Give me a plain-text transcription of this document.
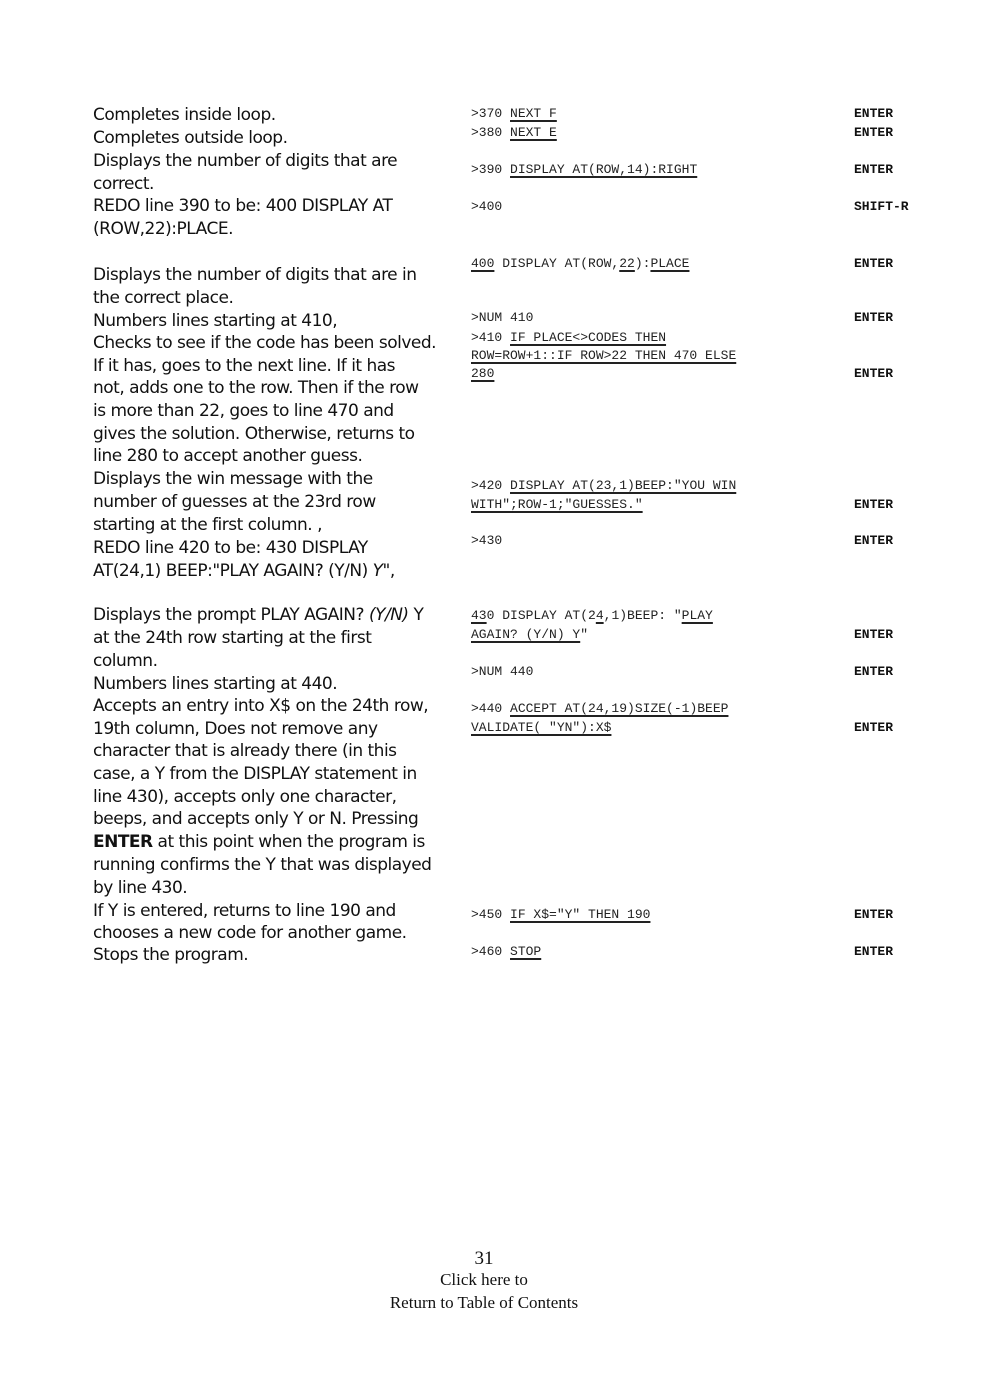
Completes inside loop.
Completes outside loop.
Displays the number of digits that are
correct.
REDO line 390 to be: 400 DISPLAY AT
(ROW,22):PLACE.
Displays the number of digits that are in
the correct place.
Numbers lines starting at 410,
Checks to see if the code has been solved.
If it has, goes to the next line. If it has
not, adds one to the row. Then if the row
is more than 22, goes to line 470 and
gives the solution. Otherwise, returns to
line 280 to accept another guess.
Displays the win message with the
number of guesses at the 23rd row
starting at the first column. ,
REDO line 420 to be: 430 DISPLAY
AT(24,1) BEEP:"PLAY AGAIN? (Y/N) Y",
Displays the prompt PLAY AGAIN? (Y/N) Y
at the 24th row starting at the first
column.
Numbers lines starting at 440.
Accepts an entry into X$ on the 24th row,
19th column, Does not remove any
character that is already there (in this
case, a Y from the DISPLAY statement in
line 430), accepts only one character,
beeps, and accepts only Y or N. Pressing
ENTER at this point when the program is
running confirms the Y that was displayed
by line 430.
If Y is entered, returns to line 190 and
chooses a new code for another game.
Stops the program.
>370 NEXT F
>380 NEXT E
>390 DISPLAY AT(ROW,14):RIGHT
>400
400 DISPLAY AT(ROW,22):PLACE
>NUM 410
>410 IF PLACE<>CODES THEN
ROW=ROW+1::IF ROW>22 THEN 470 ELSE
280
>420 DISPLAY AT(23,1)BEEP:"YOU WIN
WITH";ROW-1;"GUESSES."
>430
430 DISPLAY AT(24,1)BEEP: "PLAY
AGAIN? (Y/N) Y"
>NUM 440
>440 ACCEPT AT(24,19)SIZE(-1)BEEP
VALIDATE( "YN"):X$
>450 IF X$="Y" THEN 190
>460 STOP
ENTER
ENTER
ENTER
SHIFT-R
ENTER
ENTER
ENTER
ENTER
ENTER
ENTER
ENTER
ENTER
ENTER
ENTER
31
Click here to
Return to Table of Contents
